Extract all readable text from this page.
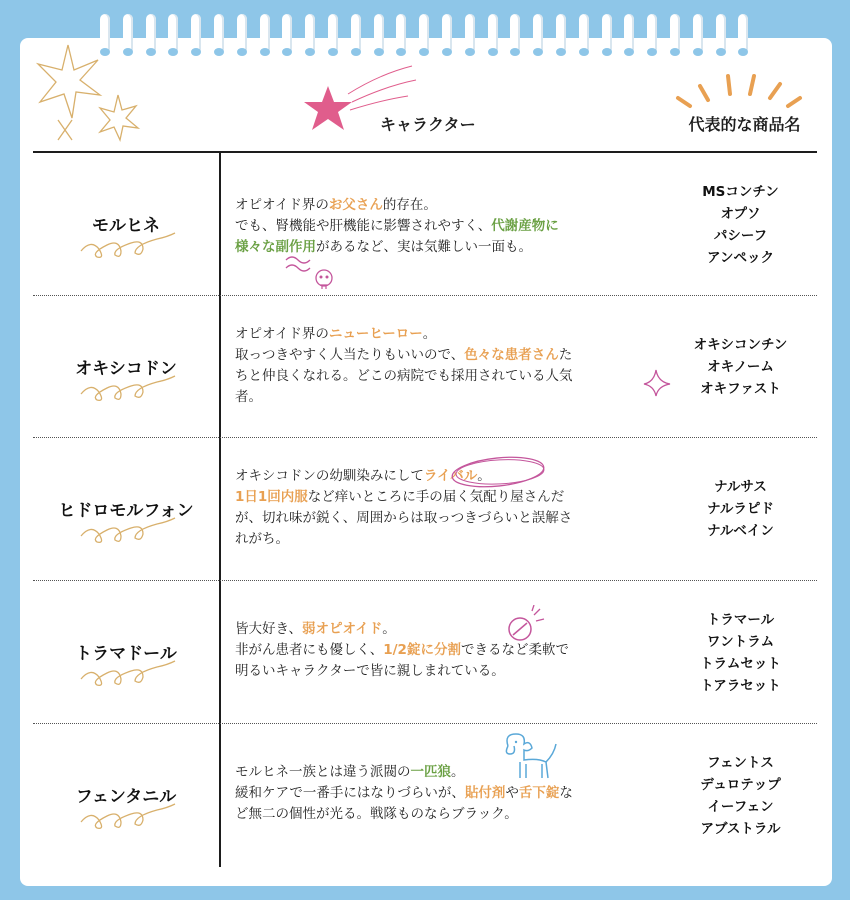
キャラクター	代表的な商品名
モルヒネ
オピオイド界のお父さん的存在。
でも、腎機能や肝機能に影響されやすく、代謝産物に
様々な副作用があるなど、実は気難しい一面も。
MSコンチン
オプソ
パシーフ
アンペック
オキシコドン
オピオイド界のニューヒーロー。
取っつきやすく人当たりもいいので、色々な患者さんた
ちと仲良くなれる。どこの病院でも採用されている人気
者。
オキシコンチン
オキノーム
オキファスト
ヒドロモルフォン
オキシコドンの幼馴染みにしてライバル。
1日1回内服など痒いところに手の届く気配り屋さんだ
が、切れ味が鋭く、周囲からは取っつきづらいと誤解さ
れがち。
ナルサス
ナルラピド
ナルベイン
トラマドール
皆大好き、弱オピオイド。
非がん患者にも優しく、1/2錠に分割できるなど柔軟で
明るいキャラクターで皆に親しまれている。
トラマール
ワントラム
トラムセット
トアラセット
フェンタニル
モルヒネ一族とは違う派閥の一匹狼。
緩和ケアで一番手にはなりづらいが、貼付剤や舌下錠な
ど無二の個性が光る。戦隊ものならブラック。
フェントス
デュロテップ
イーフェン
アブストラル
